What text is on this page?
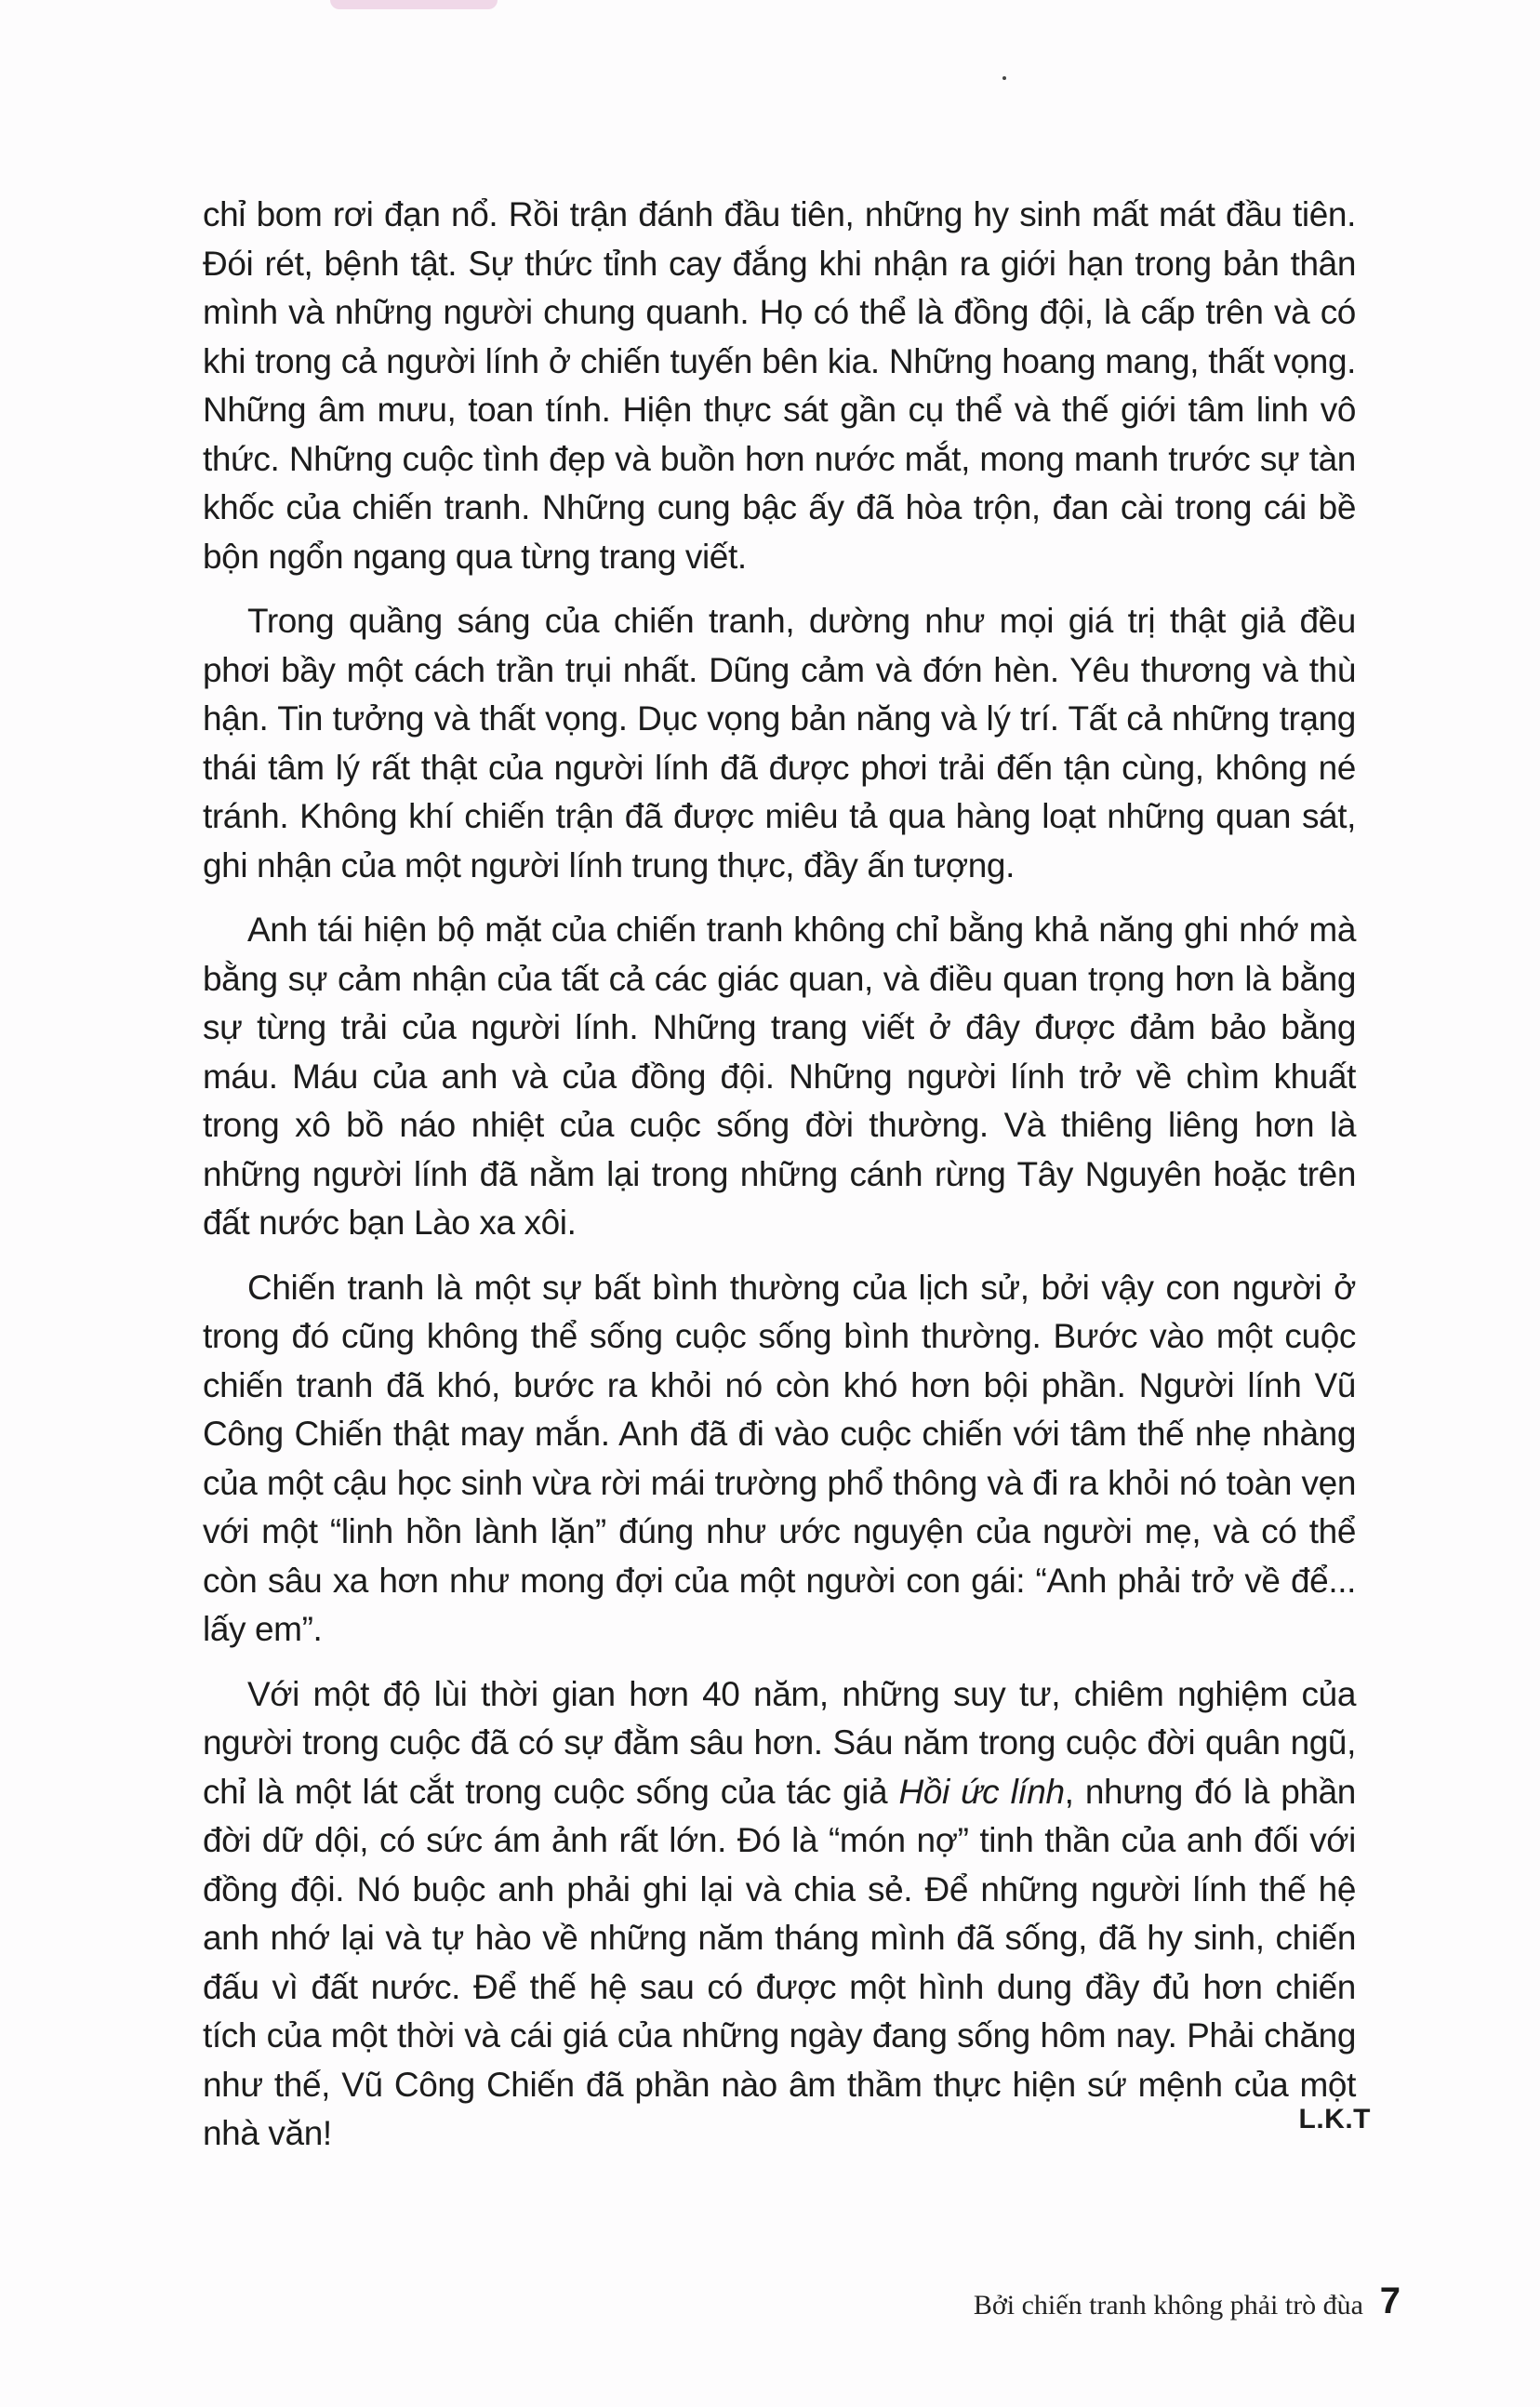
chỉ bom rơi đạn nổ. Rồi trận đánh đầu tiên, những hy sinh mất mát đầu tiên. Đói rét, bệnh tật. Sự thức tỉnh cay đắng khi nhận ra giới hạn trong bản thân mình và những người chung quanh. Họ có thể là đồng đội, là cấp trên và có khi trong cả người lính ở chiến tuyến bên kia. Những hoang mang, thất vọng. Những âm mưu, toan tính. Hiện thực sát gần cụ thể và thế giới tâm linh vô thức. Những cuộc tình đẹp và buồn hơn nước mắt, mong manh trước sự tàn khốc của chiến tranh. Những cung bậc ấy đã hòa trộn, đan cài trong cái bề bộn ngổn ngang qua từng trang viết.

Trong quầng sáng của chiến tranh, dường như mọi giá trị thật giả đều phơi bầy một cách trần trụi nhất. Dũng cảm và đớn hèn. Yêu thương và thù hận. Tin tưởng và thất vọng. Dục vọng bản năng và lý trí. Tất cả những trạng thái tâm lý rất thật của người lính đã được phơi trải đến tận cùng, không né tránh. Không khí chiến trận đã được miêu tả qua hàng loạt những quan sát, ghi nhận của một người lính trung thực, đầy ấn tượng.

Anh tái hiện bộ mặt của chiến tranh không chỉ bằng khả năng ghi nhớ mà bằng sự cảm nhận của tất cả các giác quan, và điều quan trọng hơn là bằng sự từng trải của người lính. Những trang viết ở đây được đảm bảo bằng máu. Máu của anh và của đồng đội. Những người lính trở về chìm khuất trong xô bồ náo nhiệt của cuộc sống đời thường. Và thiêng liêng hơn là những người lính đã nằm lại trong những cánh rừng Tây Nguyên hoặc trên đất nước bạn Lào xa xôi.

Chiến tranh là một sự bất bình thường của lịch sử, bởi vậy con người ở trong đó cũng không thể sống cuộc sống bình thường. Bước vào một cuộc chiến tranh đã khó, bước ra khỏi nó còn khó hơn bội phần. Người lính Vũ Công Chiến thật may mắn. Anh đã đi vào cuộc chiến với tâm thế nhẹ nhàng của một cậu học sinh vừa rời mái trường phổ thông và đi ra khỏi nó toàn vẹn với một “linh hồn lành lặn” đúng như ước nguyện của người mẹ, và có thể còn sâu xa hơn như mong đợi của một người con gái: “Anh phải trở về để... lấy em”.

Với một độ lùi thời gian hơn 40 năm, những suy tư, chiêm nghiệm của người trong cuộc đã có sự đằm sâu hơn. Sáu năm trong cuộc đời quân ngũ, chỉ là một lát cắt trong cuộc sống của tác giả Hồi ức lính, nhưng đó là phần đời dữ dội, có sức ám ảnh rất lớn. Đó là “món nợ” tinh thần của anh đối với đồng đội. Nó buộc anh phải ghi lại và chia sẻ. Để những người lính thế hệ anh nhớ lại và tự hào về những năm tháng mình đã sống, đã hy sinh, chiến đấu vì đất nước. Để thế hệ sau có được một hình dung đầy đủ hơn chiến tích của một thời và cái giá của những ngày đang sống hôm nay. Phải chăng như thế, Vũ Công Chiến đã phần nào âm thầm thực hiện sứ mệnh của một nhà văn!	L.K.T
Bởi chiến tranh không phải trò đùa 7
